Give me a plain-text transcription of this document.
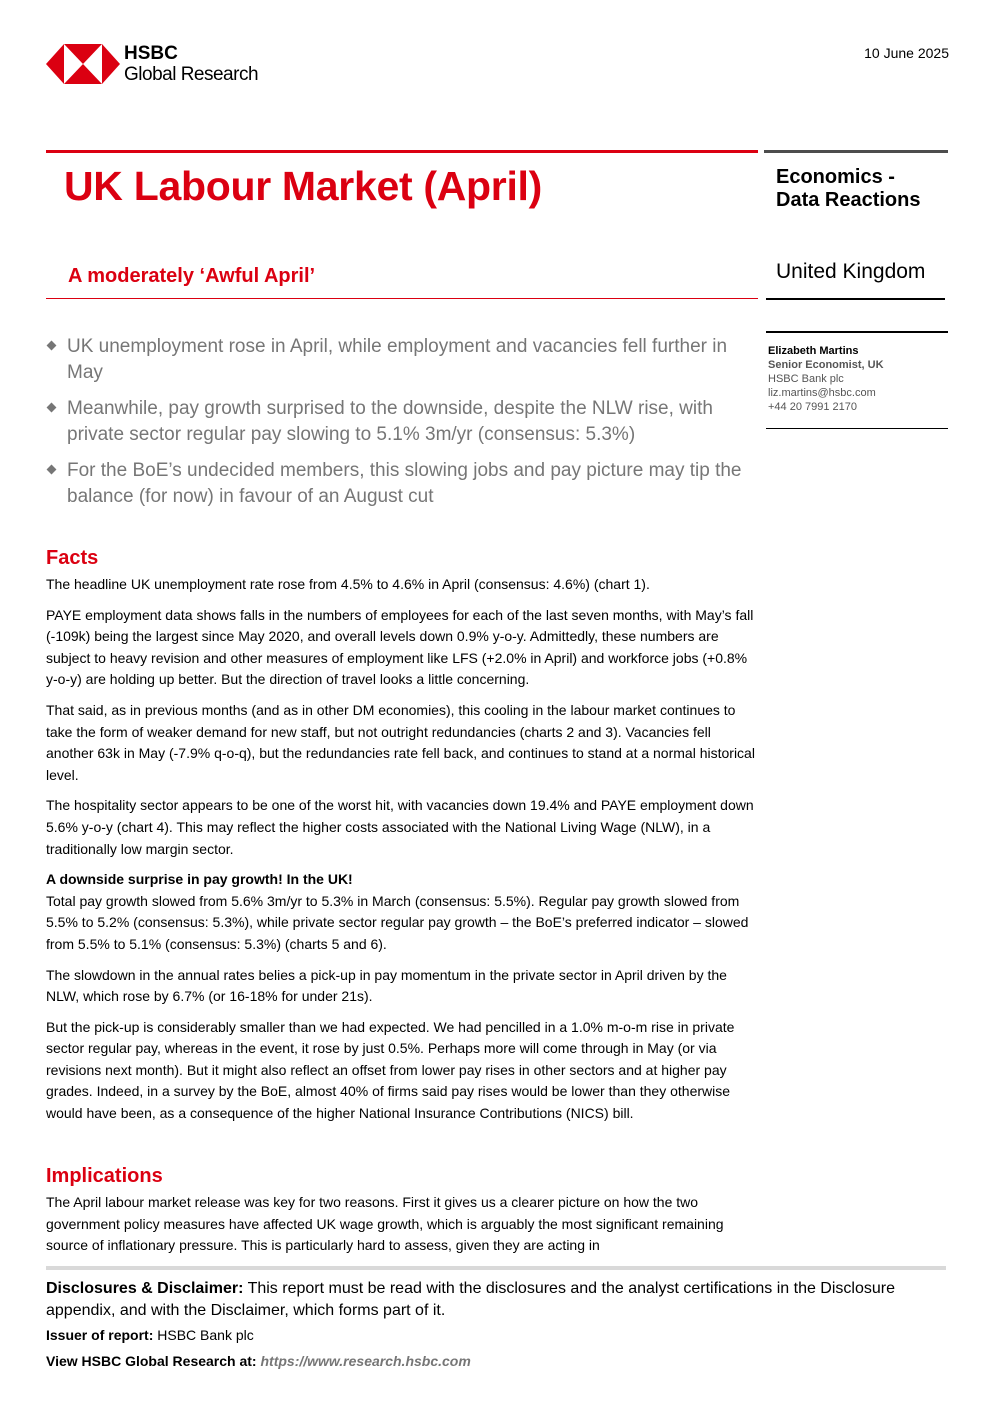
HSBC
Global Research
10 June 2025
UK Labour Market (April)	Economics -
Data Reactions
A moderately ‘Awful April’	United Kingdom
Elizabeth Martins
Senior Economist, UK
HSBC Bank plc
liz.martins@hsbc.com
+44 20 7991 2170
UK unemployment rose in April, while employment and vacancies fell further in May
Meanwhile, pay growth surprised to the downside, despite the NLW rise, with private sector regular pay slowing to 5.1% 3m/yr (consensus: 5.3%)
For the BoE’s undecided members, this slowing jobs and pay picture may tip the balance (for now) in favour of an August cut
Facts

The headline UK unemployment rate rose from 4.5% to 4.6% in April (consensus: 4.6%) (chart 1).

PAYE employment data shows falls in the numbers of employees for each of the last seven months, with May’s fall (-109k) being the largest since May 2020, and overall levels down 0.9% y-o-y. Admittedly, these numbers are subject to heavy revision and other measures of employment like LFS (+2.0% in April) and workforce jobs (+0.8% y-o-y) are holding up better. But the direction of travel looks a little concerning.

That said, as in previous months (and as in other DM economies), this cooling in the labour market continues to take the form of weaker demand for new staff, but not outright redundancies (charts 2 and 3). Vacancies fell another 63k in May (-7.9% q-o-q), but the redundancies rate fell back, and continues to stand at a normal historical level.

The hospitality sector appears to be one of the worst hit, with vacancies down 19.4% and PAYE employment down 5.6% y-o-y (chart 4). This may reflect the higher costs associated with the National Living Wage (NLW), in a traditionally low margin sector.

A downside surprise in pay growth! In the UK!

Total pay growth slowed from 5.6% 3m/yr to 5.3% in March (consensus: 5.5%). Regular pay growth slowed from 5.5% to 5.2% (consensus: 5.3%), while private sector regular pay growth – the BoE’s preferred indicator – slowed from 5.5% to 5.1% (consensus: 5.3%) (charts 5 and 6).

The slowdown in the annual rates belies a pick-up in pay momentum in the private sector in April driven by the NLW, which rose by 6.7% (or 16-18% for under 21s).

But the pick-up is considerably smaller than we had expected. We had pencilled in a 1.0% m-o-m rise in private sector regular pay, whereas in the event, it rose by just 0.5%. Perhaps more will come through in May (or via revisions next month). But it might also reflect an offset from lower pay rises in other sectors and at higher pay grades. Indeed, in a survey by the BoE, almost 40% of firms said pay rises would be lower than they otherwise would have been, as a consequence of the higher National Insurance Contributions (NICS) bill.

Implications

The April labour market release was key for two reasons. First it gives us a clearer picture on how the two government policy measures have affected UK wage growth, which is arguably the most significant remaining source of inflationary pressure. This is particularly hard to assess, given they are acting in

Disclosures & Disclaimer: This report must be read with the disclosures and the analyst certifications in the Disclosure appendix, and with the Disclaimer, which forms part of it.
Issuer of report: HSBC Bank plc
View HSBC Global Research at: https://www.research.hsbc.com
